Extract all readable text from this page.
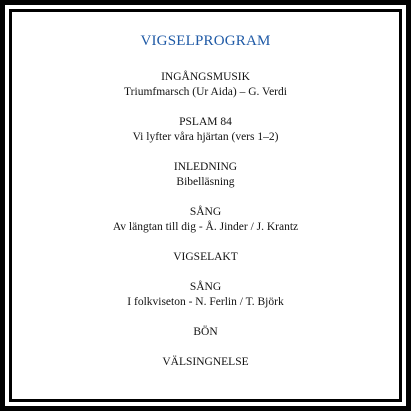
VIGSELPROGRAM
INGÅNGSMUSIK
Triumfmarsch (Ur Aida) – G. Verdi
PSLAM 84
Vi lyfter våra hjärtan (vers 1–2)
INLEDNING
Bibelläsning
SÅNG
Av längtan till dig - Å. Jinder / J. Krantz
VIGSELAKT
SÅNG
I folkviseton - N. Ferlin / T. Björk
BÖN
VÄLSINGNELSE
